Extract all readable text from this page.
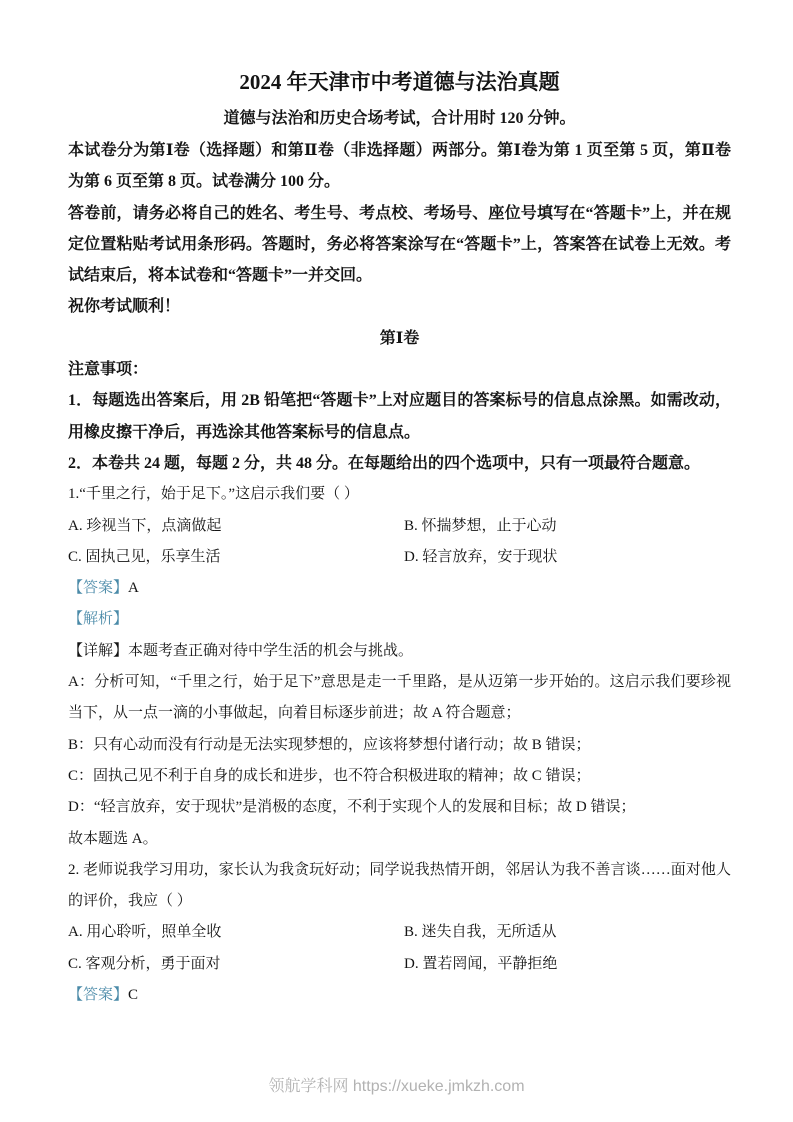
2024 年天津市中考道德与法治真题

道德与法治和历史合场考试，合计用时 120 分钟。

本试卷分为第Ⅰ卷（选择题）和第Ⅱ卷（非选择题）两部分。第Ⅰ卷为第 1 页至第 5 页，第Ⅱ卷为第 6 页至第 8 页。试卷满分 100 分。

答卷前，请务必将自己的姓名、考生号、考点校、考场号、座位号填写在“答题卡”上，并在规定位置粘贴考试用条形码。答题时，务必将答案涂写在“答题卡”上，答案答在试卷上无效。考试结束后，将本试卷和“答题卡”一并交回。

祝你考试顺利！

第Ⅰ卷

注意事项：

1．每题选出答案后，用 2B 铅笔把“答题卡”上对应题目的答案标号的信息点涂黑。如需改动，用橡皮擦干净后，再选涂其他答案标号的信息点。

2．本卷共 24 题，每题 2 分，共 48 分。在每题给出的四个选项中，只有一项最符合题意。

1.“千里之行，始于足下。”这启示我们要（ ）

A. 珍视当下，点滴做起	B. 怀揣梦想，止于心动

C. 固执己见，乐享生活	D. 轻言放弃，安于现状

【答案】A

【解析】

【详解】本题考查正确对待中学生活的机会与挑战。

A：分析可知，“千里之行，始于足下”意思是走一千里路，是从迈第一步开始的。这启示我们要珍视当下，从一点一滴的小事做起，向着目标逐步前进；故 A 符合题意；

B：只有心动而没有行动是无法实现梦想的，应该将梦想付诸行动；故 B 错误；

C：固执己见不利于自身的成长和进步，也不符合积极进取的精神；故 C 错误；

D：“轻言放弃，安于现状”是消极的态度，不利于实现个人的发展和目标；故 D 错误；

故本题选 A。

2. 老师说我学习用功，家长认为我贪玩好动；同学说我热情开朗，邻居认为我不善言谈……面对他人的评价，我应（ ）

A. 用心聆听，照单全收	B. 迷失自我，无所适从

C. 客观分析，勇于面对	D. 置若罔闻，平静拒绝

【答案】C

领航学科网 https://xueke.jmkzh.com
